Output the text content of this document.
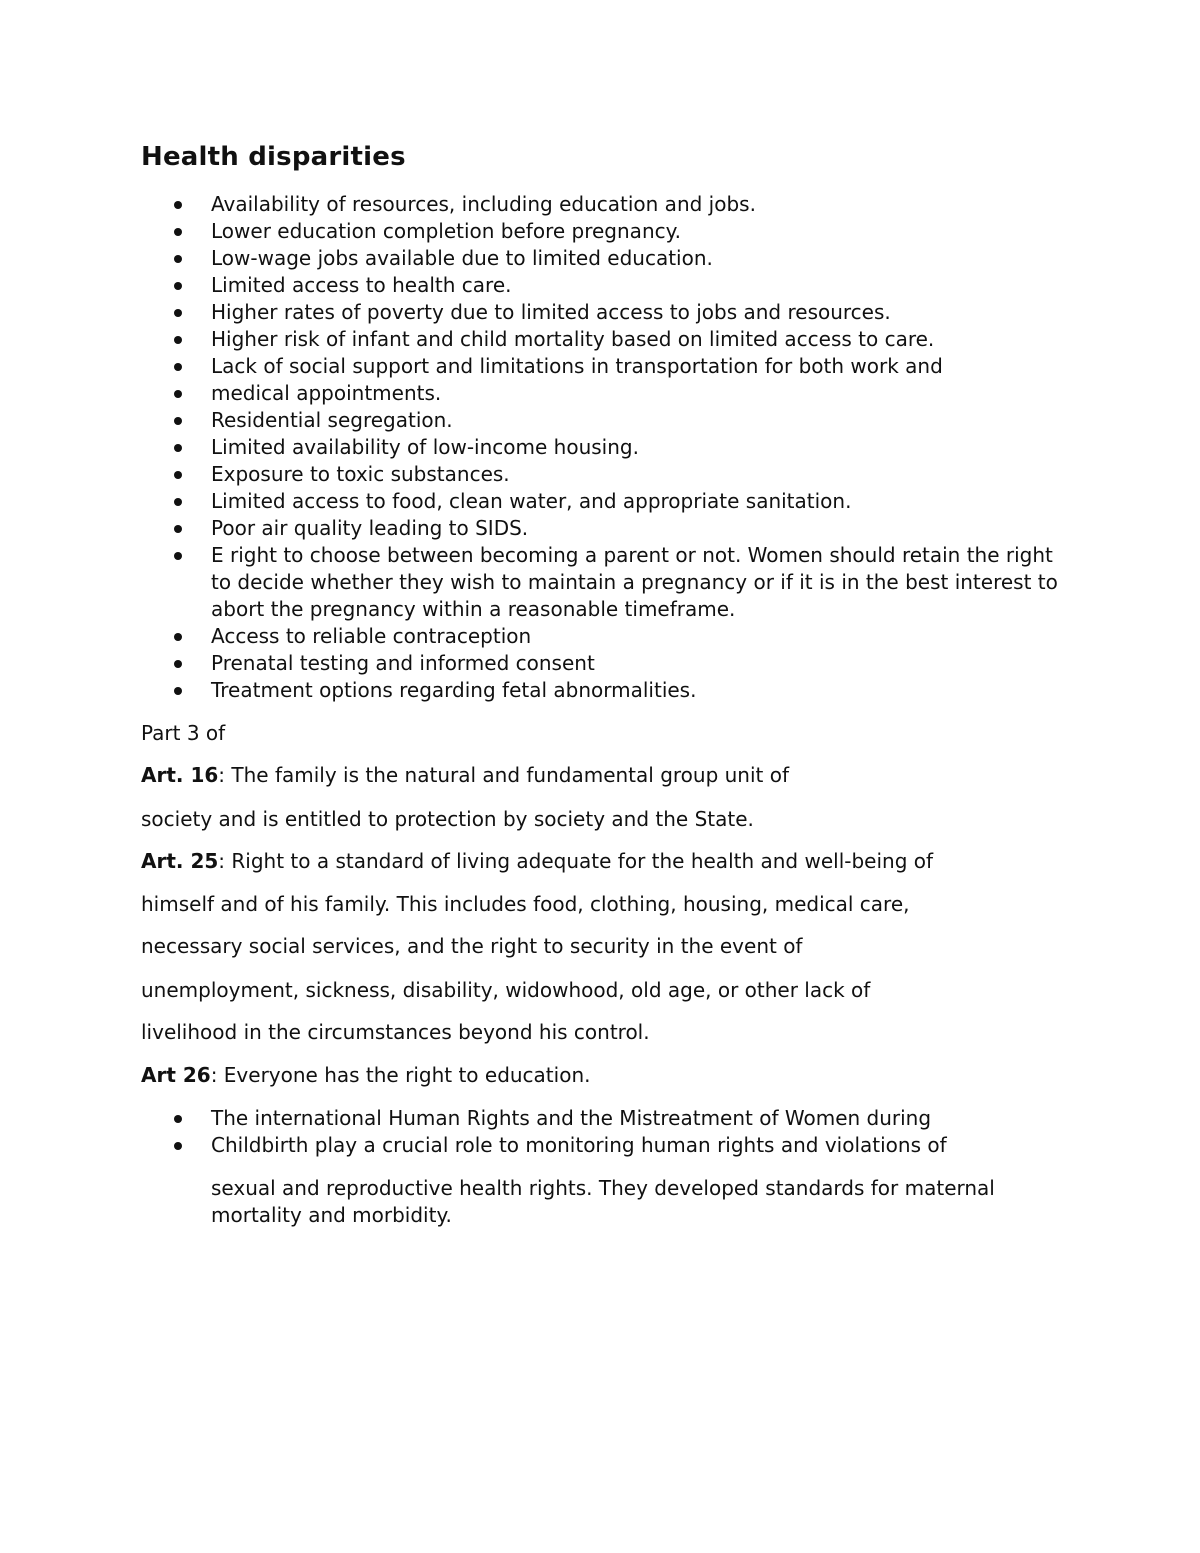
Health disparities
Availability of resources, including education and jobs.
Lower education completion before pregnancy.
Low-wage jobs available due to limited education.
Limited access to health care.
Higher rates of poverty due to limited access to jobs and resources.
Higher risk of infant and child mortality based on limited access to care.
Lack of social support and limitations in transportation for both work and
medical appointments.
Residential segregation.
Limited availability of low-income housing.
Exposure to toxic substances.
Limited access to food, clean water, and appropriate sanitation.
Poor air quality leading to SIDS.
E right to choose between becoming a parent or not. Women should retain the right to decide whether they wish to maintain a pregnancy or if it is in the best interest to abort the pregnancy within a reasonable timeframe.
Access to reliable contraception
Prenatal testing and informed consent
Treatment options regarding fetal abnormalities.

Part 3 of

Art. 16: The family is the natural and fundamental group unit of

society and is entitled to protection by society and the State.

Art. 25: Right to a standard of living adequate for the health and well-being of

himself and of his family. This includes food, clothing, housing, medical care,

necessary social services, and the right to security in the event of

unemployment, sickness, disability, widowhood, old age, or other lack of

livelihood in the circumstances beyond his control.

Art 26: Everyone has the right to education.

The international Human Rights and the Mistreatment of Women during
Childbirth play a crucial role to monitoring human rights and violations of
sexual and reproductive health rights. They developed standards for maternal mortality and morbidity.
